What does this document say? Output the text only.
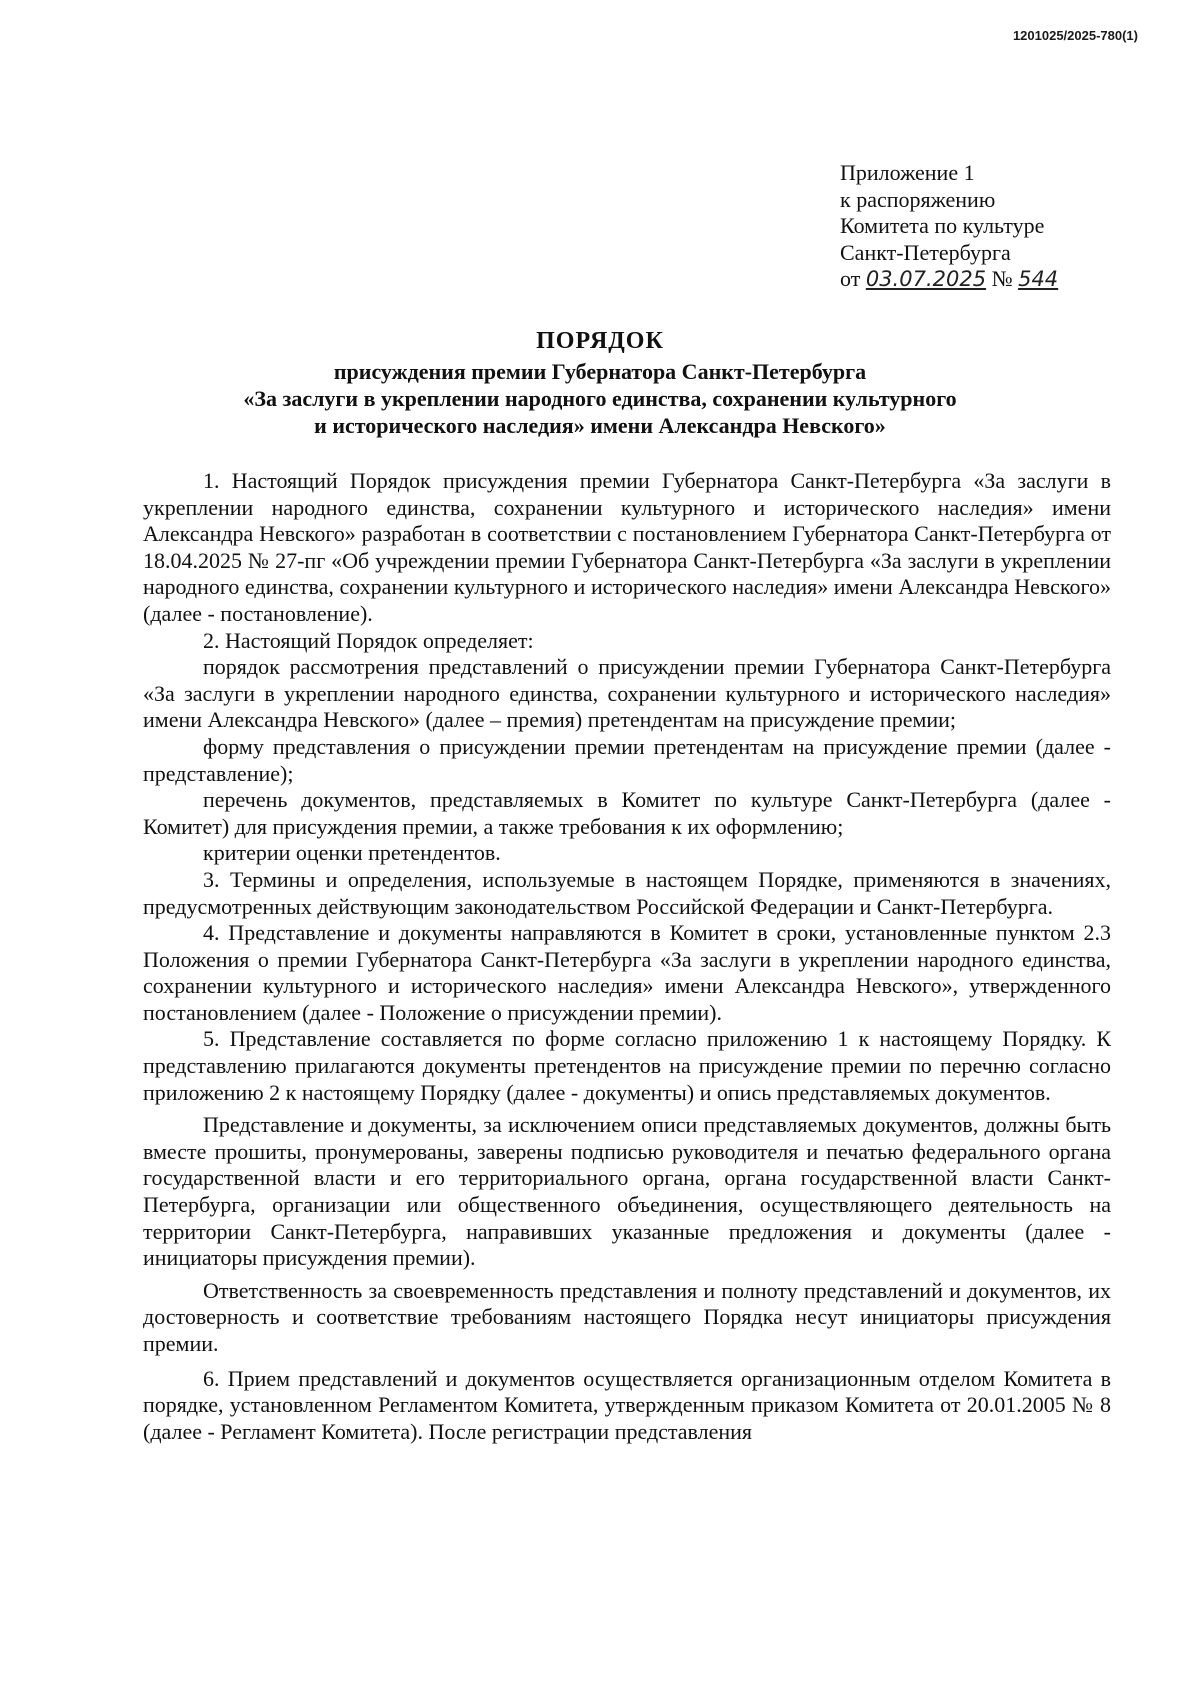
1201025/2025-780(1)
Приложение 1
к распоряжению
Комитета по культуре
Санкт-Петербурга
от 03.07.2025 № 544
ПОРЯДОК
присуждения премии Губернатора Санкт-Петербурга
«За заслуги в укреплении народного единства, сохранении культурного
и исторического наследия» имени Александра Невского»

1. Настоящий Порядок присуждения премии Губернатора Санкт-Петербурга «За заслуги в укреплении народного единства, сохранении культурного и исторического наследия» имени Александра Невского» разработан в соответствии с постановлением Губернатора Санкт-Петербурга от 18.04.2025 № 27-пг «Об учреждении премии Губернатора Санкт-Петербурга «За заслуги в укреплении народного единства, сохранении культурного и исторического наследия» имени Александра Невского» (далее - постановление).

2. Настоящий Порядок определяет:

порядок рассмотрения представлений о присуждении премии Губернатора Санкт-Петербурга «За заслуги в укреплении народного единства, сохранении культурного и исторического наследия» имени Александра Невского» (далее – премия) претендентам на присуждение премии;

форму представления о присуждении премии претендентам на присуждение премии (далее - представление);

перечень документов, представляемых в Комитет по культуре Санкт-Петербурга (далее - Комитет) для присуждения премии, а также требования к их оформлению;

критерии оценки претендентов.

3. Термины и определения, используемые в настоящем Порядке, применяются в значениях, предусмотренных действующим законодательством Российской Федерации и Санкт-Петербурга.

4. Представление и документы направляются в Комитет в сроки, установленные пунктом 2.3 Положения о премии Губернатора Санкт-Петербурга «За заслуги в укреплении народного единства, сохранении культурного и исторического наследия» имени Александра Невского», утвержденного постановлением (далее - Положение о присуждении премии).

5. Представление составляется по форме согласно приложению 1 к настоящему Порядку. К представлению прилагаются документы претендентов на присуждение премии по перечню согласно приложению 2 к настоящему Порядку (далее - документы) и опись представляемых документов.

Представление и документы, за исключением описи представляемых документов, должны быть вместе прошиты, пронумерованы, заверены подписью руководителя и печатью федерального органа государственной власти и его территориального органа, органа государственной власти Санкт-Петербурга, организации или общественного объединения, осуществляющего деятельность на территории Санкт-Петербурга, направивших указанные предложения и документы (далее - инициаторы присуждения премии).

Ответственность за своевременность представления и полноту представлений и документов, их достоверность и соответствие требованиям настоящего Порядка несут инициаторы присуждения премии.

6. Прием представлений и документов осуществляется организационным отделом Комитета в порядке, установленном Регламентом Комитета, утвержденным приказом Комитета от 20.01.2005 № 8 (далее - Регламент Комитета). После регистрации представления
